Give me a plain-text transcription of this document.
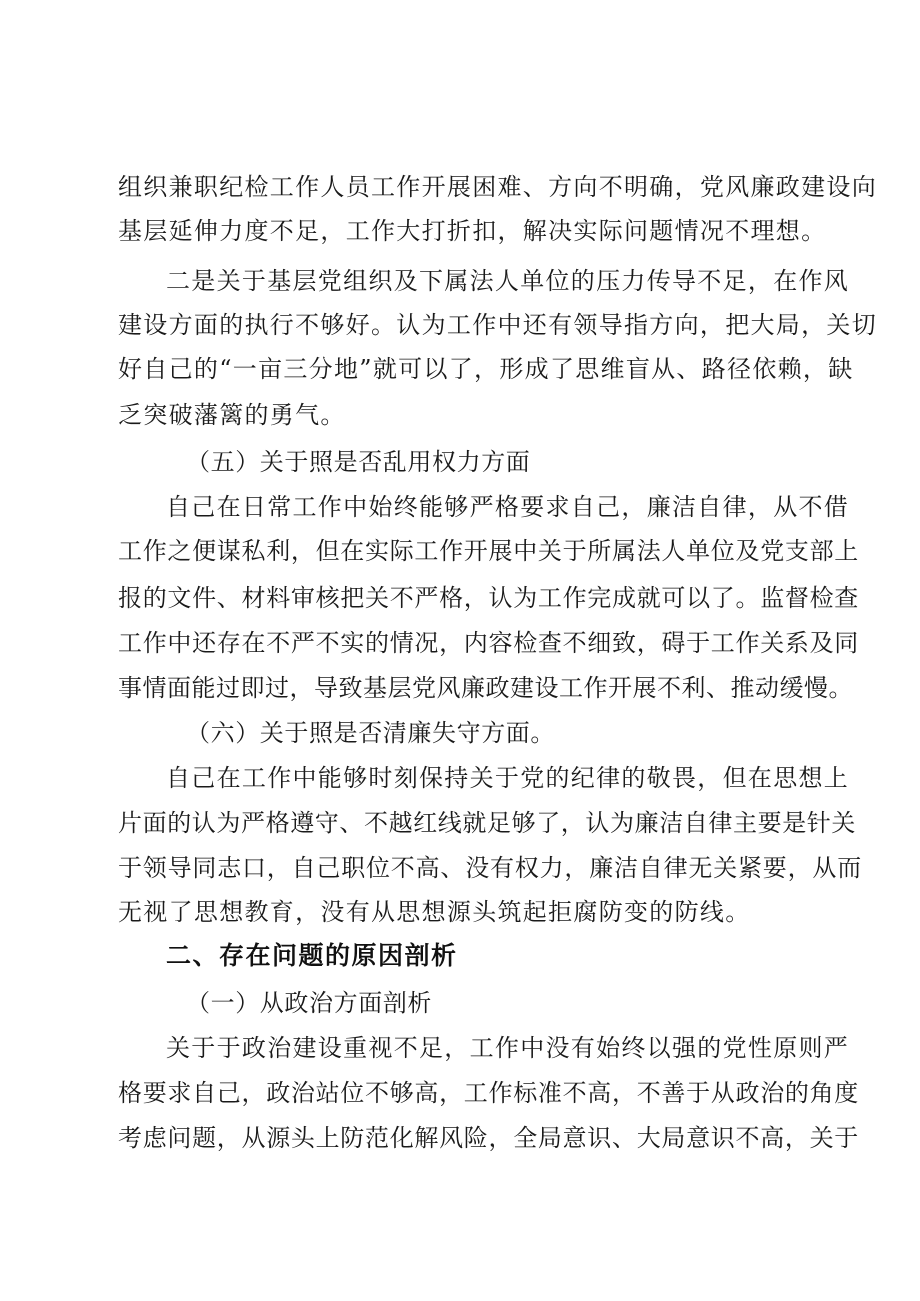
组织兼职纪检工作人员工作开展困难、方向不明确，党风廉政建设向
基层延伸力度不足，工作大打折扣，解决实际问题情况不理想。
二是关于基层党组织及下属法人单位的压力传导不足，在作风
建设方面的执行不够好。认为工作中还有领导指方向，把大局，关切
好自己的“一亩三分地”就可以了，形成了思维盲从、路径依赖，缺
乏突破藩篱的勇气。
（五）关于照是否乱用权力方面
自己在日常工作中始终能够严格要求自己，廉洁自律，从不借
工作之便谋私利，但在实际工作开展中关于所属法人单位及党支部上
报的文件、材料审核把关不严格，认为工作完成就可以了。监督检查
工作中还存在不严不实的情况，内容检查不细致，碍于工作关系及同
事情面能过即过，导致基层党风廉政建设工作开展不利、推动缓慢。
（六）关于照是否清廉失守方面。
自己在工作中能够时刻保持关于党的纪律的敬畏，但在思想上
片面的认为严格遵守、不越红线就足够了，认为廉洁自律主要是针关
于领导同志口，自己职位不高、没有权力，廉洁自律无关紧要，从而
无视了思想教育，没有从思想源头筑起拒腐防变的防线。
二、存在问题的原因剖析
（一）从政治方面剖析
关于于政治建设重视不足，工作中没有始终以强的党性原则严
格要求自己，政治站位不够高，工作标准不高，不善于从政治的角度
考虑问题，从源头上防范化解风险，全局意识、大局意识不高，关于
